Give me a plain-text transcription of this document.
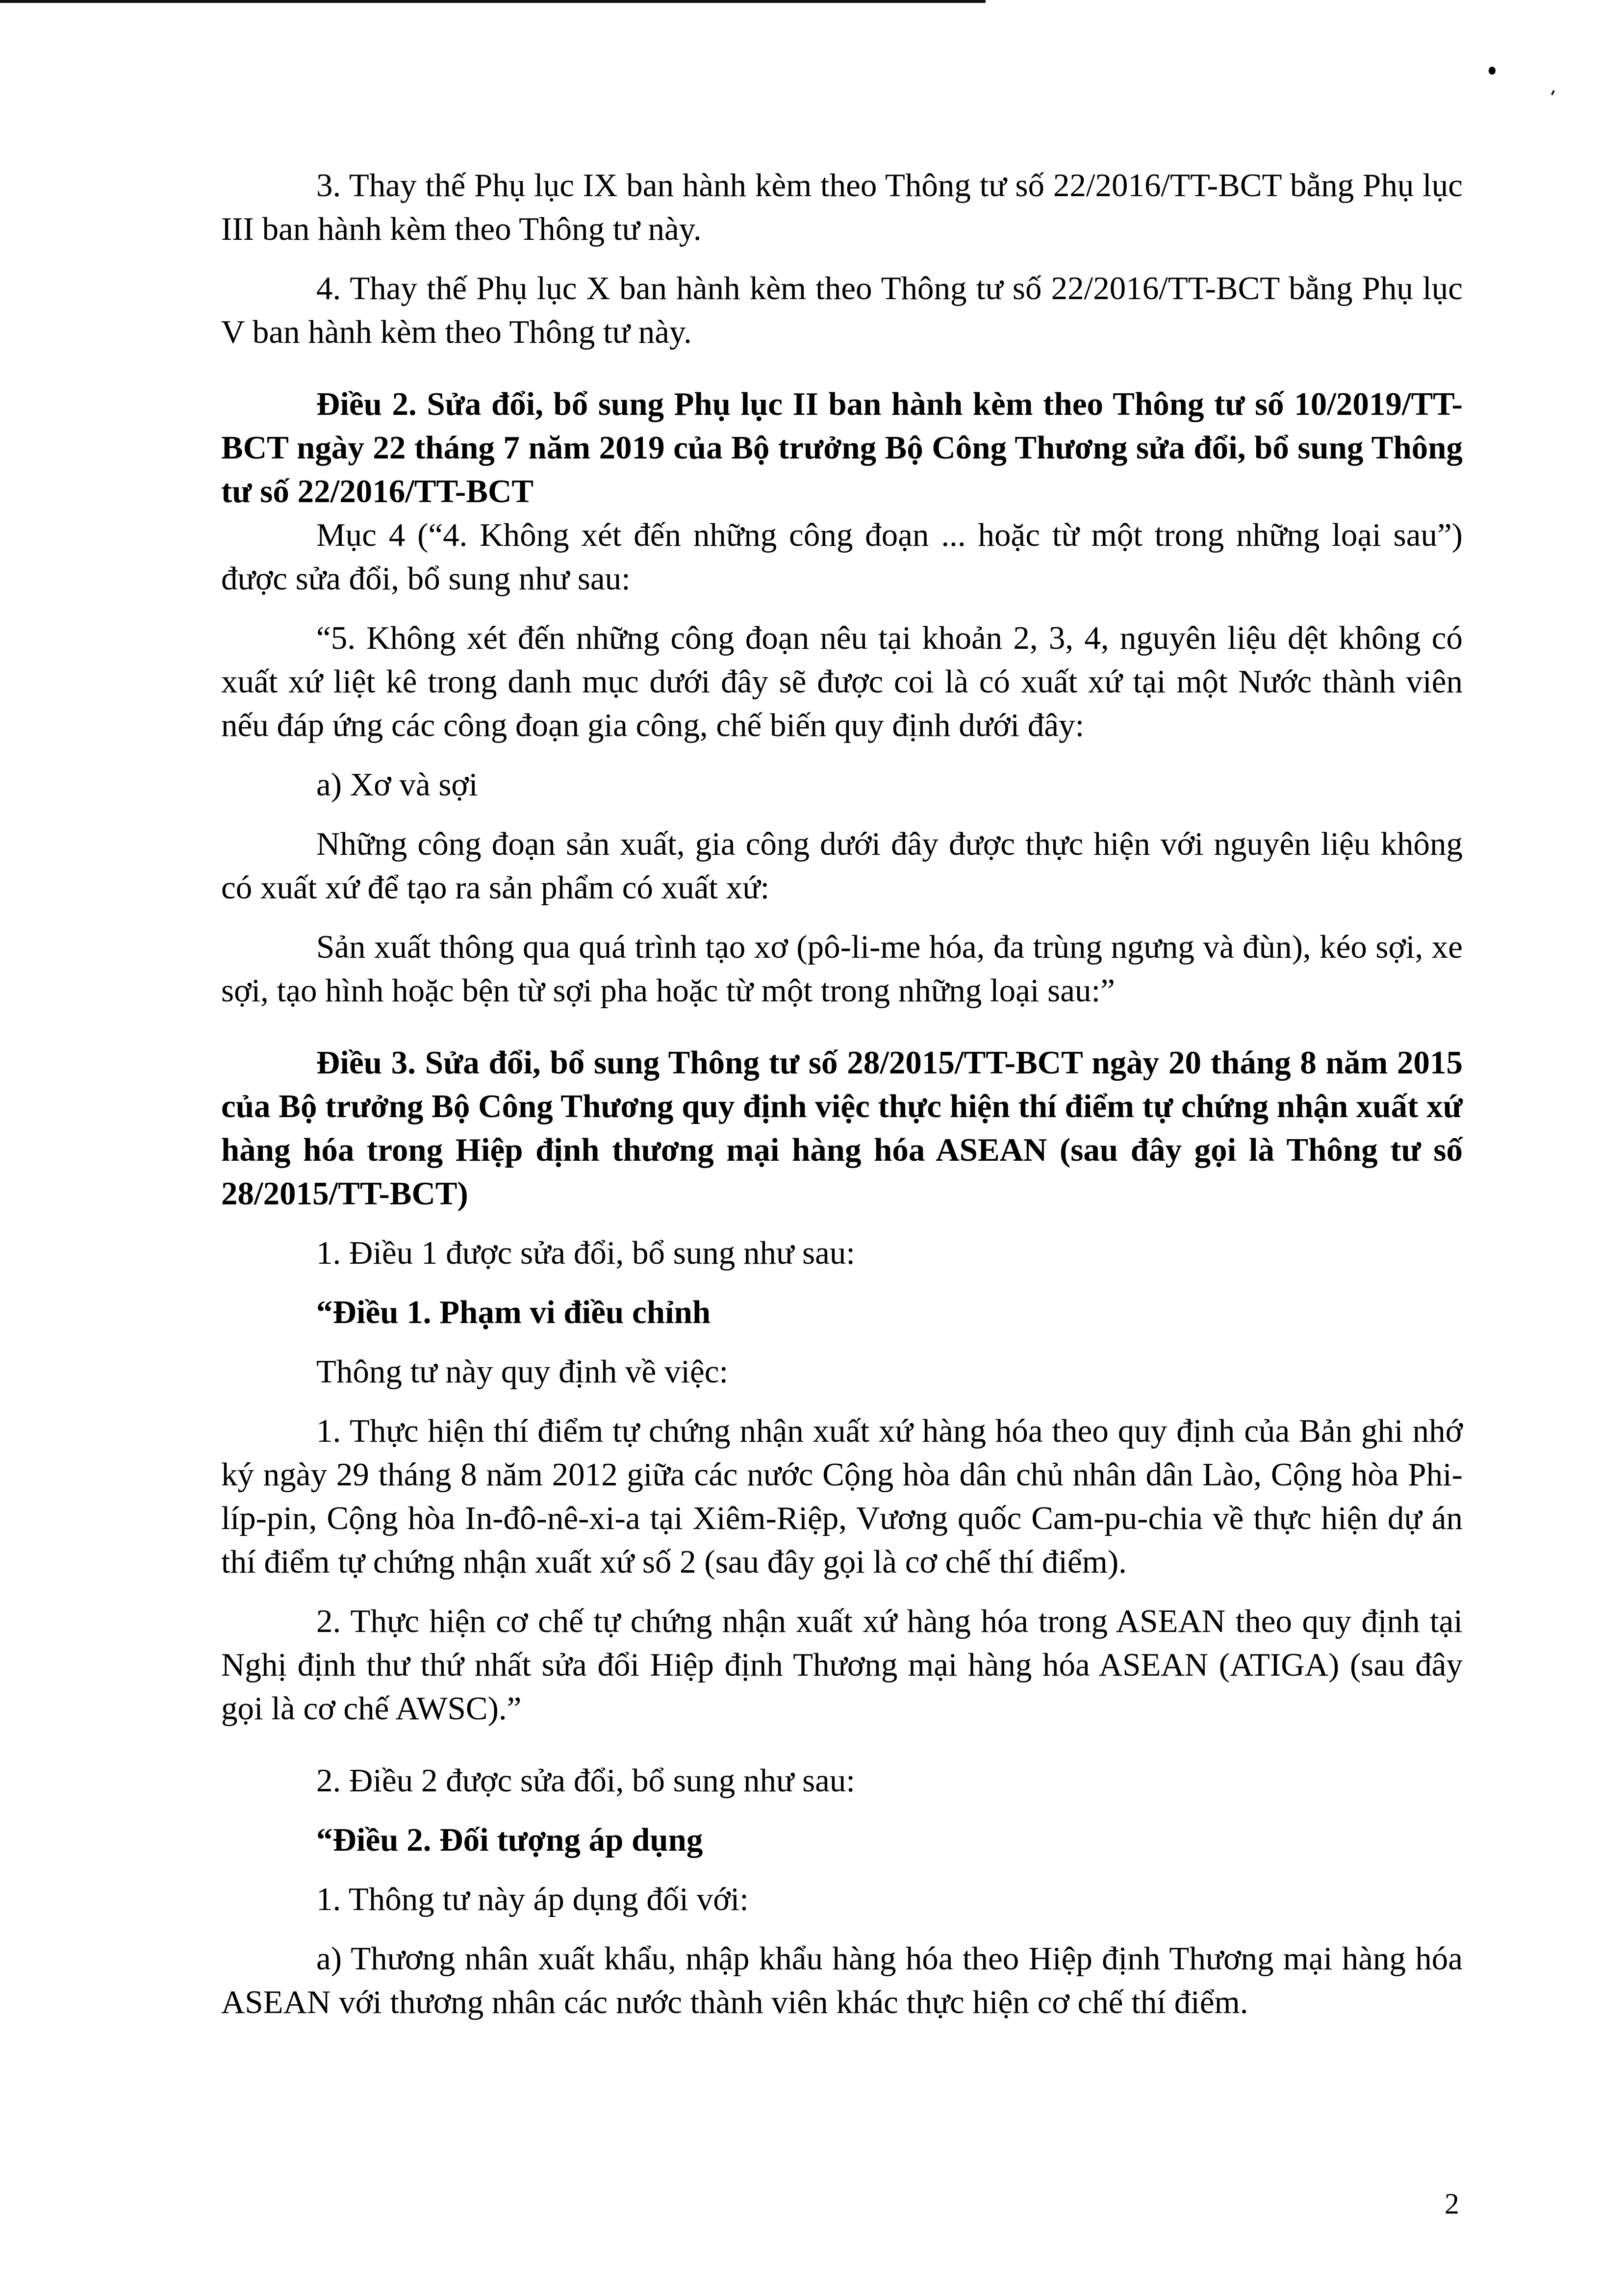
3. Thay thế Phụ lục IX ban hành kèm theo Thông tư số 22/2016/TT-BCT bằng Phụ lục III ban hành kèm theo Thông tư này.

4. Thay thế Phụ lục X ban hành kèm theo Thông tư số 22/2016/TT-BCT bằng Phụ lục V ban hành kèm theo Thông tư này.

Điều 2. Sửa đổi, bổ sung Phụ lục II ban hành kèm theo Thông tư số 10/2019/TT-BCT ngày 22 tháng 7 năm 2019 của Bộ trưởng Bộ Công Thương sửa đổi, bổ sung Thông tư số 22/2016/TT-BCT

Mục 4 (“4. Không xét đến những công đoạn ... hoặc từ một trong những loại sau”) được sửa đổi, bổ sung như sau:

“5. Không xét đến những công đoạn nêu tại khoản 2, 3, 4, nguyên liệu dệt không có xuất xứ liệt kê trong danh mục dưới đây sẽ được coi là có xuất xứ tại một Nước thành viên nếu đáp ứng các công đoạn gia công, chế biến quy định dưới đây:

a) Xơ và sợi

Những công đoạn sản xuất, gia công dưới đây được thực hiện với nguyên liệu không có xuất xứ để tạo ra sản phẩm có xuất xứ:

Sản xuất thông qua quá trình tạo xơ (pô-li-me hóa, đa trùng ngưng và đùn), kéo sợi, xe sợi, tạo hình hoặc bện từ sợi pha hoặc từ một trong những loại sau:”

Điều 3. Sửa đổi, bổ sung Thông tư số 28/2015/TT-BCT ngày 20 tháng 8 năm 2015 của Bộ trưởng Bộ Công Thương quy định việc thực hiện thí điểm tự chứng nhận xuất xứ hàng hóa trong Hiệp định thương mại hàng hóa ASEAN (sau đây gọi là Thông tư số 28/2015/TT-BCT)

1. Điều 1 được sửa đổi, bổ sung như sau:

“Điều 1. Phạm vi điều chỉnh

Thông tư này quy định về việc:

1. Thực hiện thí điểm tự chứng nhận xuất xứ hàng hóa theo quy định của Bản ghi nhớ ký ngày 29 tháng 8 năm 2012 giữa các nước Cộng hòa dân chủ nhân dân Lào, Cộng hòa Phi-líp-pin, Cộng hòa In-đô-nê-xi-a tại Xiêm-Riệp, Vương quốc Cam-pu-chia về thực hiện dự án thí điểm tự chứng nhận xuất xứ số 2 (sau đây gọi là cơ chế thí điểm).

2. Thực hiện cơ chế tự chứng nhận xuất xứ hàng hóa trong ASEAN theo quy định tại Nghị định thư thứ nhất sửa đổi Hiệp định Thương mại hàng hóa ASEAN (ATIGA) (sau đây gọi là cơ chế AWSC).”

2. Điều 2 được sửa đổi, bổ sung như sau:

“Điều 2. Đối tượng áp dụng

1. Thông tư này áp dụng đối với:

a) Thương nhân xuất khẩu, nhập khẩu hàng hóa theo Hiệp định Thương mại hàng hóa ASEAN với thương nhân các nước thành viên khác thực hiện cơ chế thí điểm.

2
